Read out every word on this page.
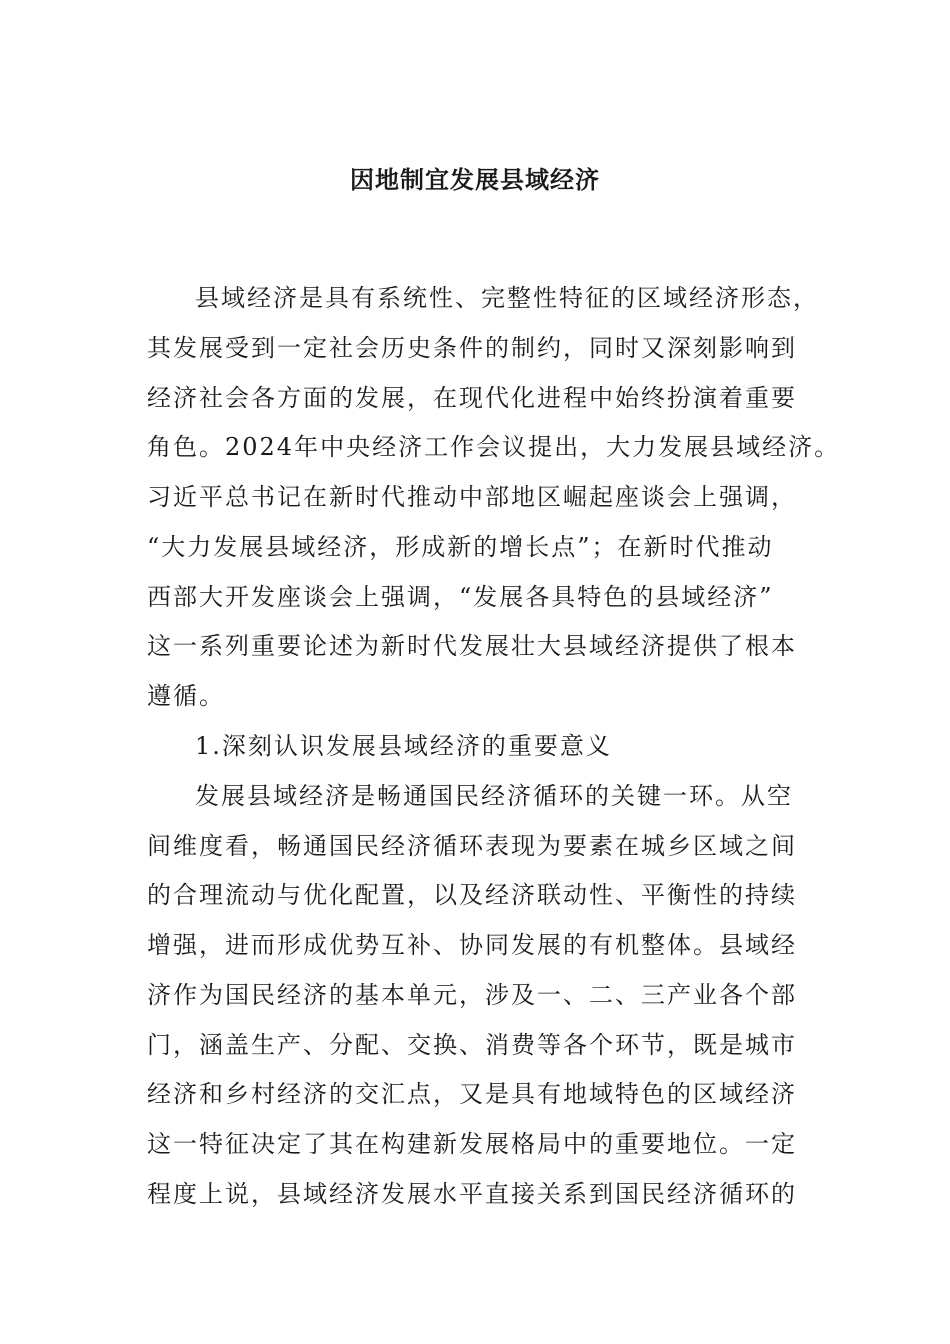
因地制宜发展县域经济

县域经济是具有系统性、完整性特征的区域经济形态，

其发展受到一定社会历史条件的制约，同时又深刻影响到

经济社会各方面的发展，在现代化进程中始终扮演着重要

角色。2024年中央经济工作会议提出，大力发展县域经济。

习近平总书记在新时代推动中部地区崛起座谈会上强调，

“大力发展县域经济，形成新的增长点”；在新时代推动

西部大开发座谈会上强调，“发展各具特色的县域经济”

这一系列重要论述为新时代发展壮大县域经济提供了根本

遵循。

1.深刻认识发展县域经济的重要意义

发展县域经济是畅通国民经济循环的关键一环。从空

间维度看，畅通国民经济循环表现为要素在城乡区域之间

的合理流动与优化配置，以及经济联动性、平衡性的持续

增强，进而形成优势互补、协同发展的有机整体。县域经

济作为国民经济的基本单元，涉及一、二、三产业各个部

门，涵盖生产、分配、交换、消费等各个环节，既是城市

经济和乡村经济的交汇点，又是具有地域特色的区域经济

这一特征决定了其在构建新发展格局中的重要地位。一定

程度上说，县域经济发展水平直接关系到国民经济循环的
